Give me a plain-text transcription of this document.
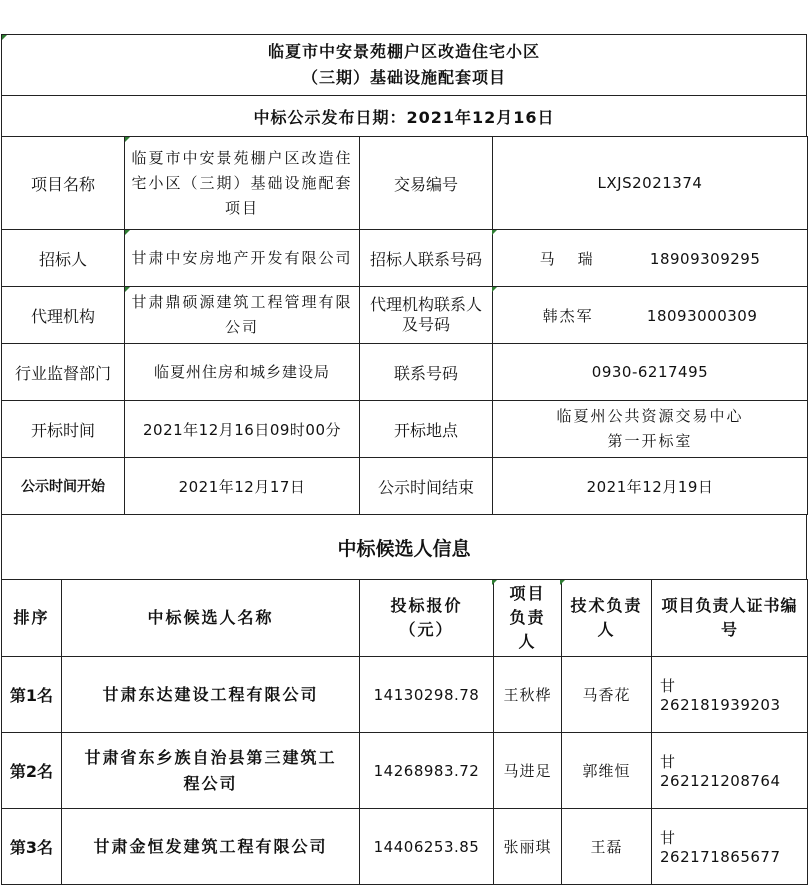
临夏市中安景苑棚户区改造住宅小区
（三期）基础设施配套项目
中标公示发布日期：2021年12月16日
项目名称	临夏市中安景苑棚户区改造住宅小区（三期）基础设施配套项目	交易编号	LXJS2021374
招标人	甘肃中安房地产开发有限公司	招标人联系号码	马　瑞 18909309295
代理机构	甘肃鼎硕源建筑工程管理有限公司	代理机构联系人及号码	韩杰军 18093000309
行业监督部门	临夏州住房和城乡建设局	联系号码	0930-6217495
开标时间	2021年12月16日09时00分	开标地点	临夏州公共资源交易中心
第一开标室

公示时间开始	2021年12月17日	公示时间结束	2021年12月19日
中标候选人信息
排序	中标候选人名称	投标报价（元）	项目负责人	技术负责人	项目负责人证书编号
第1名	甘肃东达建设工程有限公司	14130298.78	王秋桦	马香花	甘　262181939203
第2名	甘肃省东乡族自治县第三建筑工程公司	14268983.72	马进足	郭维恒	甘　262121208764
第3名	甘肃金恒发建筑工程有限公司	14406253.85	张丽琪	王磊	甘　262171865677
